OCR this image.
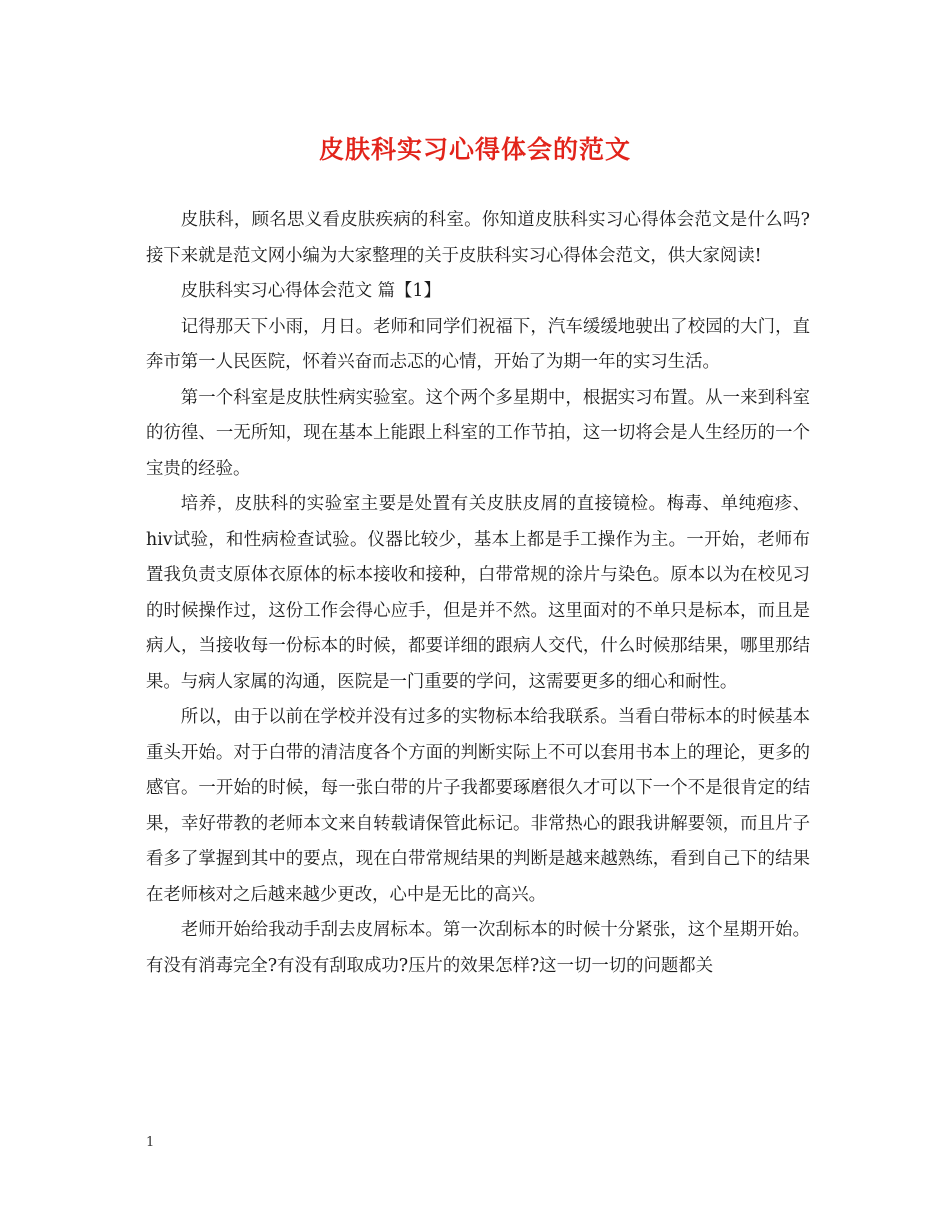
皮肤科实习心得体会的范文

皮肤科，顾名思义看皮肤疾病的科室。你知道皮肤科实习心得体会范文是什么吗?接下来就是范文网小编为大家整理的关于皮肤科实习心得体会范文，供大家阅读!

皮肤科实习心得体会范文 篇【1】

记得那天下小雨，月日。老师和同学们祝福下，汽车缓缓地驶出了校园的大门，直奔市第一人民医院，怀着兴奋而忐忑的心情，开始了为期一年的实习生活。

第一个科室是皮肤性病实验室。这个两个多星期中，根据实习布置。从一来到科室的彷徨、一无所知，现在基本上能跟上科室的工作节拍，这一切将会是人生经历的一个宝贵的经验。

培养，皮肤科的实验室主要是处置有关皮肤皮屑的直接镜检。梅毒、单纯疱疹、hiv试验，和性病检查试验。仪器比较少，基本上都是手工操作为主。一开始，老师布置我负责支原体衣原体的标本接收和接种，白带常规的涂片与染色。原本以为在校见习的时候操作过，这份工作会得心应手，但是并不然。这里面对的不单只是标本，而且是病人，当接收每一份标本的时候，都要详细的跟病人交代，什么时候那结果，哪里那结果。与病人家属的沟通，医院是一门重要的学问，这需要更多的细心和耐性。

所以，由于以前在学校并没有过多的实物标本给我联系。当看白带标本的时候基本重头开始。对于白带的清洁度各个方面的判断实际上不可以套用书本上的理论，更多的感官。一开始的时候，每一张白带的片子我都要琢磨很久才可以下一个不是很肯定的结果，幸好带教的老师本文来自转载请保管此标记。非常热心的跟我讲解要领，而且片子看多了掌握到其中的要点，现在白带常规结果的判断是越来越熟练，看到自己下的结果在老师核对之后越来越少更改，心中是无比的高兴。

老师开始给我动手刮去皮屑标本。第一次刮标本的时候十分紧张，这个星期开始。有没有消毒完全?有没有刮取成功?压片的效果怎样?这一切一切的问题都关

1
